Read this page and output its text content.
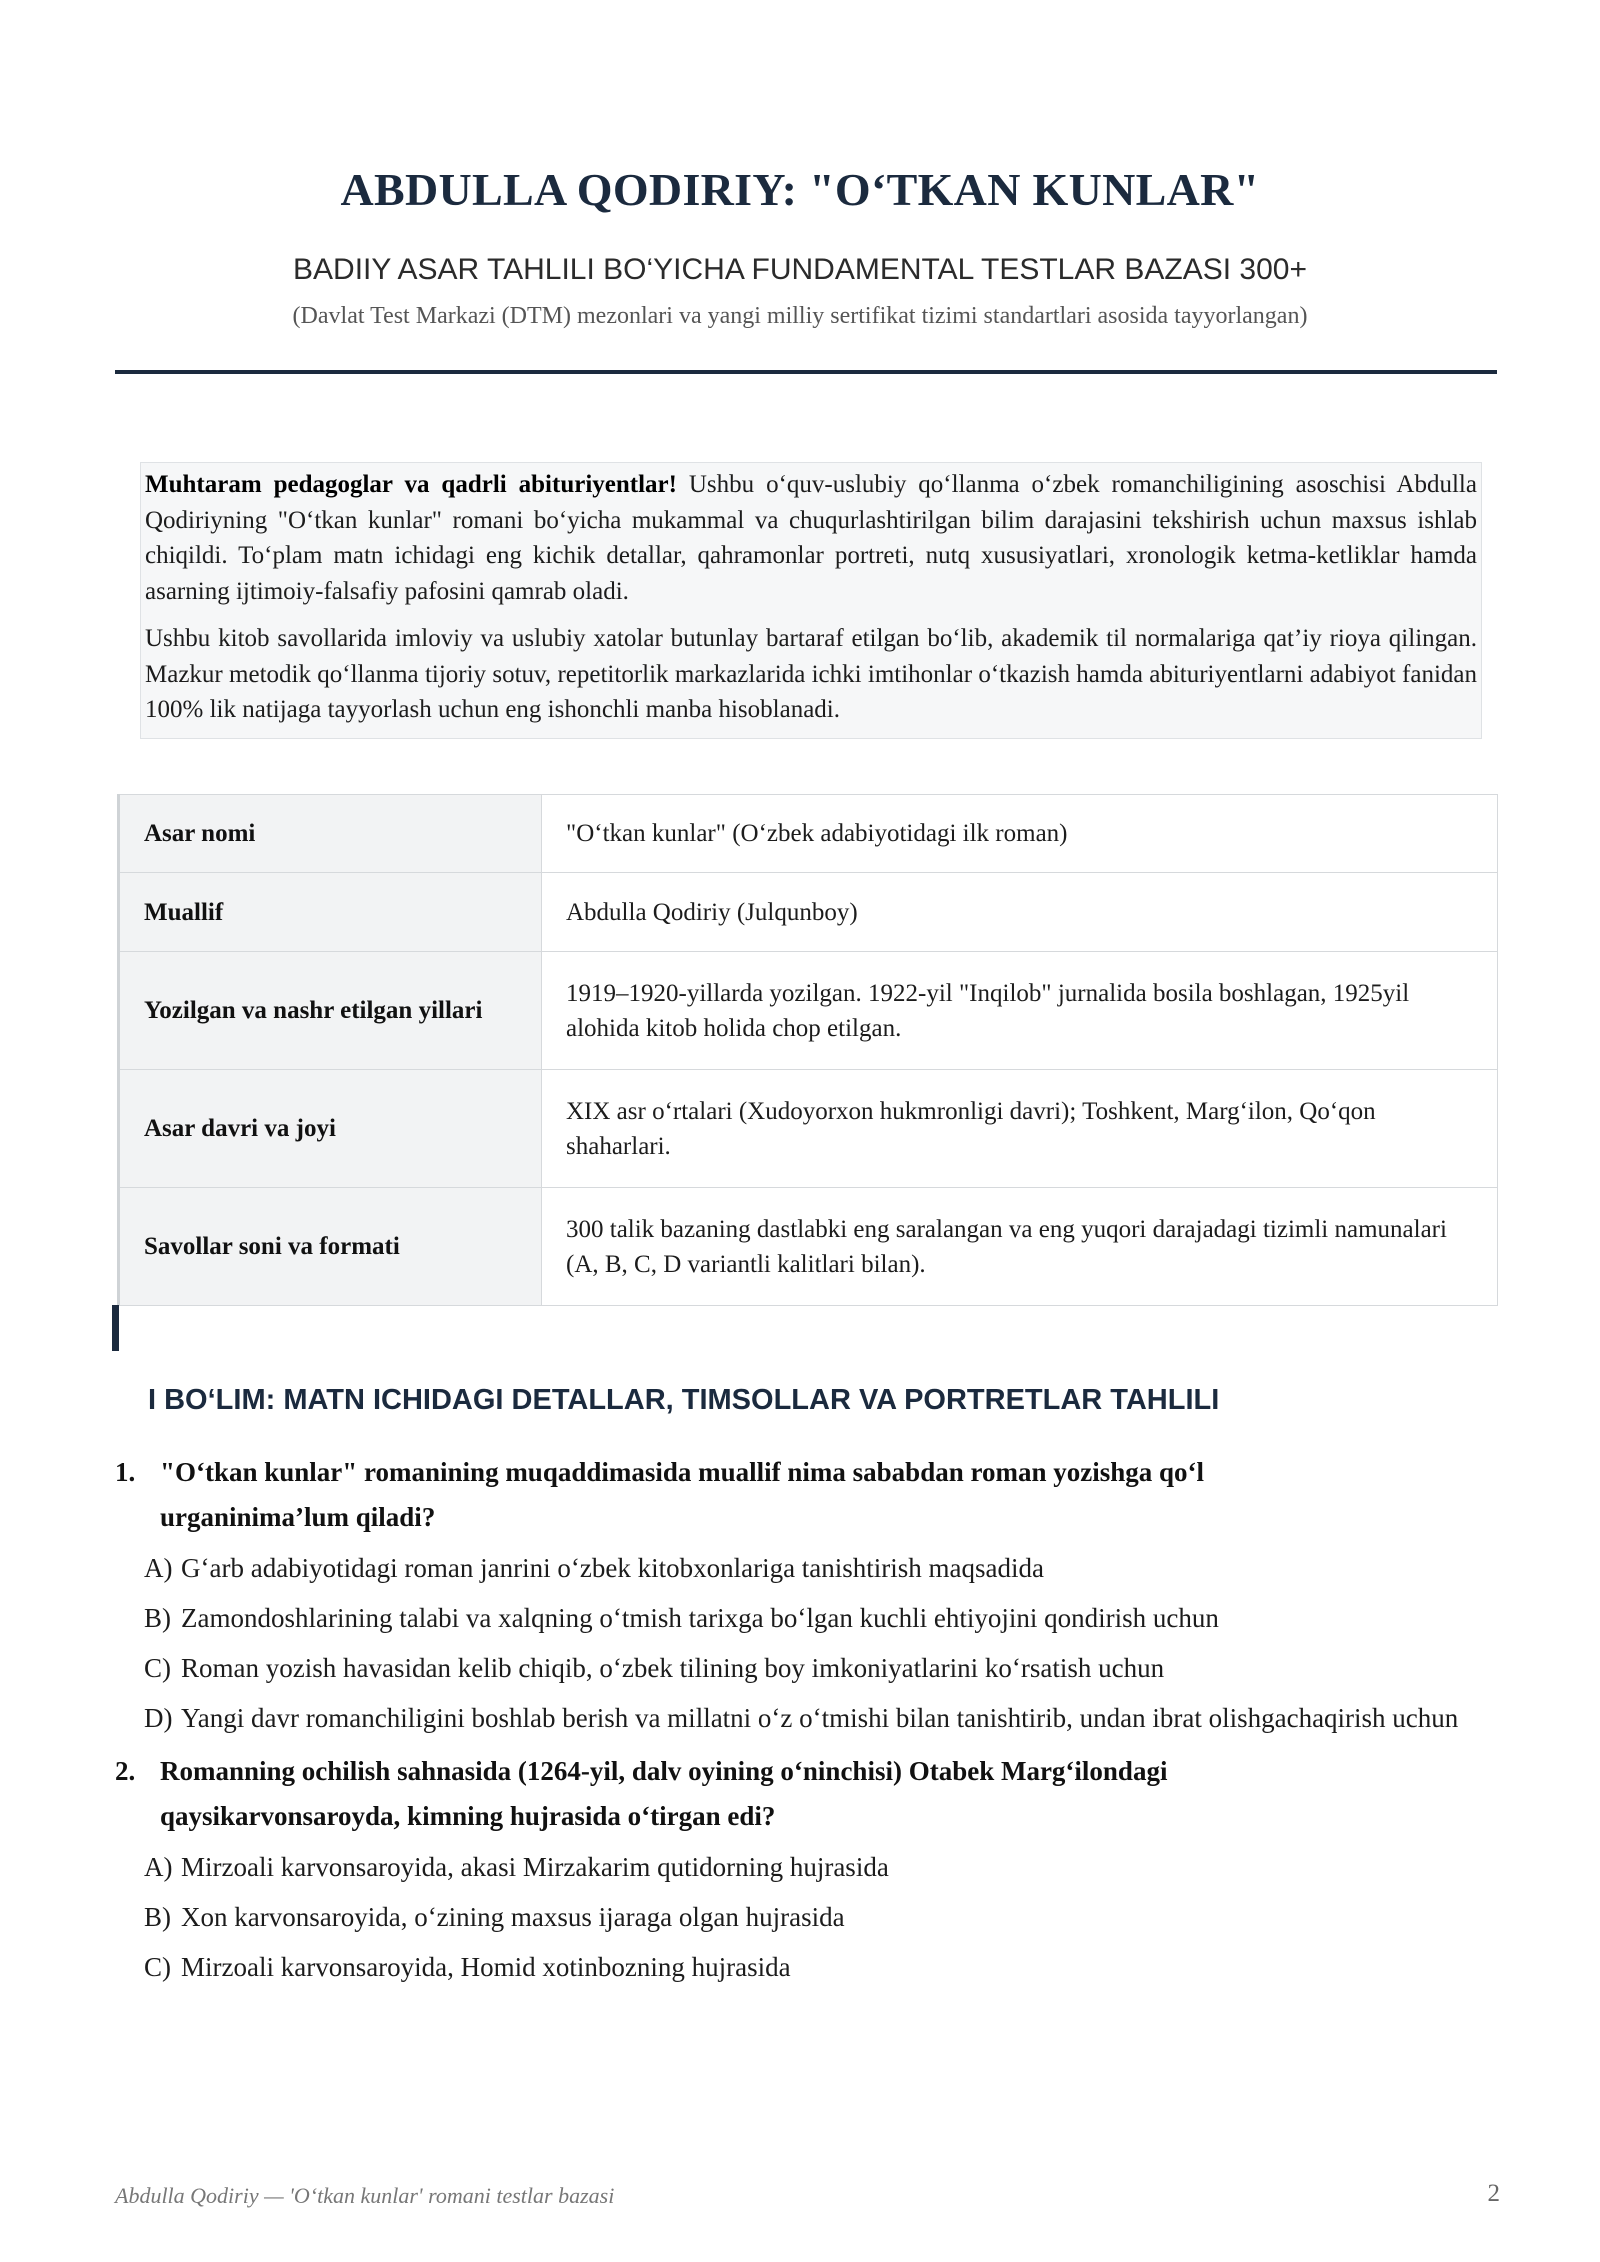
ABDULLA QODIRIY: "O‘TKAN KUNLAR"
BADIIY ASAR TAHLILI BO‘YICHA FUNDAMENTAL TESTLAR BAZASI 300+
(Davlat Test Markazi (DTM) mezonlari va yangi milliy sertifikat tizimi standartlari asosida tayyorlangan)

Muhtaram pedagoglar va qadrli abituriyentlar! Ushbu o‘quv-uslubiy qo‘llanma o‘zbek romanchiligining asoschisi Abdulla Qodiriyning "O‘tkan kunlar" romani bo‘yicha mukammal va chuqurlashtirilgan bilim darajasini tekshirish uchun maxsus ishlab chiqildi. To‘plam matn ichidagi eng kichik detallar, qahramonlar portreti, nutq xususiyatlari, xronologik ketma-ketliklar hamda asarning ijtimoiy-falsafiy pafosini qamrab oladi.

Ushbu kitob savollarida imloviy va uslubiy xatolar butunlay bartaraf etilgan bo‘lib, akademik til normalariga qat’iy rioya qilingan. Mazkur metodik qo‘llanma tijoriy sotuv, repetitorlik markazlarida ichki imtihonlar o‘tkazish hamda abituriyentlarni adabiyot fanidan 100% lik natijaga tayyorlash uchun eng ishonchli manba hisoblanadi.

Asar nomi	"O‘tkan kunlar" (O‘zbek adabiyotidagi ilk roman)
Muallif	Abdulla Qodiriy (Julqunboy)
Yozilgan va nashr etilgan yillari	1919–1920-yillarda yozilgan. 1922-yil "Inqilob" jurnalida bosila boshlagan, 1925yil alohida kitob holida chop etilgan.
Asar davri va joyi	XIX asr o‘rtalari (Xudoyorxon hukmronligi davri); Toshkent, Marg‘ilon, Qo‘qon shaharlari.
Savollar soni va formati	300 talik bazaning dastlabki eng saralangan va eng yuqori darajadagi tizimli namunalari (A, B, C, D variantli kalitlari bilan).
I BO‘LIM: MATN ICHIDAGI DETALLAR, TIMSOLLAR VA PORTRETLAR TAHLILI
1. "O‘tkan kunlar" romanining muqaddimasida muallif nima sababdan roman yozishga qo‘l urganinima’lum qiladi?
A) G‘arb adabiyotidagi roman janrini o‘zbek kitobxonlariga tanishtirish maqsadida
B) Zamondoshlarining talabi va xalqning o‘tmish tarixga bo‘lgan kuchli ehtiyojini qondirish uchun
C) Roman yozish havasidan kelib chiqib, o‘zbek tilining boy imkoniyatlarini ko‘rsatish uchun
D) Yangi davr romanchiligini boshlab berish va millatni o‘z o‘tmishi bilan tanishtirib, undan ibrat olishgachaqirish uchun
2. Romanning ochilish sahnasida (1264-yil, dalv oyining o‘ninchisi) Otabek Marg‘ilondagi qaysikarvonsaroyda, kimning hujrasida o‘tirgan edi?
A) Mirzoali karvonsaroyida, akasi Mirzakarim qutidorning hujrasida
B) Xon karvonsaroyida, o‘zining maxsus ijaraga olgan hujrasida
C) Mirzoali karvonsaroyida, Homid xotinbozning hujrasida
Abdulla Qodiriy — 'O‘tkan kunlar' romani testlar bazasi	2
